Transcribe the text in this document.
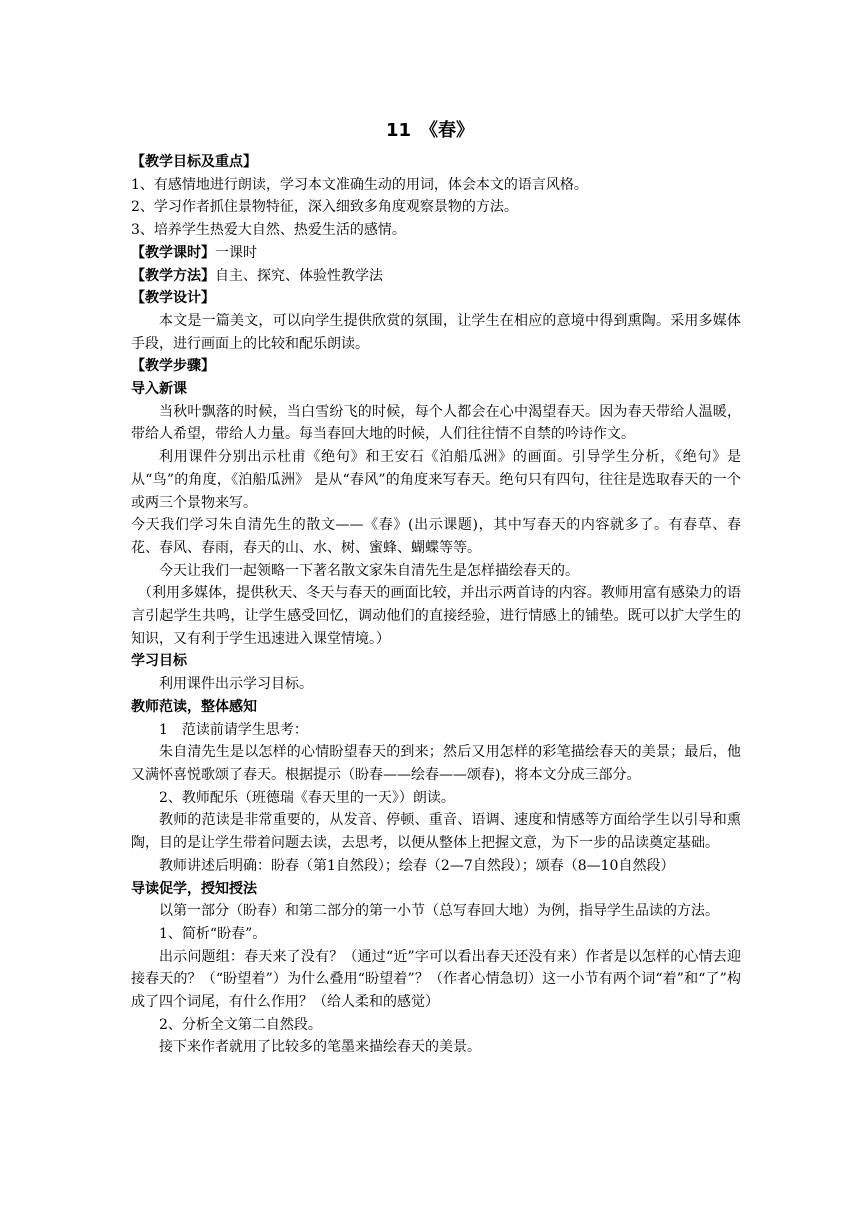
11　《春》

【教学目标及重点】

1、有感情地进行朗读，学习本文准确生动的用词，体会本文的语言风格。

2、学习作者抓住景物特征，深入细致多角度观察景物的方法。

3、培养学生热爱大自然、热爱生活的感情。

【教学课时】一课时

【教学方法】自主、探究、体验性教学法

【教学设计】

本文是一篇美文，可以向学生提供欣赏的氛围，让学生在相应的意境中得到熏陶。采用多媒体手段，进行画面上的比较和配乐朗读。

【教学步骤】

导入新课

当秋叶飘落的时候，当白雪纷飞的时候，每个人都会在心中渴望春天。因为春天带给人温暖，带给人希望，带给人力量。每当春回大地的时候，人们往往情不自禁的吟诗作文。

利用课件分别出示杜甫《绝句》和王安石《泊船瓜洲》的画面。引导学生分析，《绝句》是从“鸟”的角度，《泊船瓜洲》 是从“春风”的角度来写春天。绝句只有四句，往往是选取春天的一个或两三个景物来写。

今天我们学习朱自清先生的散文——《春》(出示课题)，其中写春天的内容就多了。有春草、春花、春风、春雨，春天的山、水、树、蜜蜂、蝴蝶等等。

今天让我们一起领略一下著名散文家朱自清先生是怎样描绘春天的。

（利用多媒体，提供秋天、冬天与春天的画面比较，并出示两首诗的内容。教师用富有感染力的语言引起学生共鸣，让学生感受回忆，调动他们的直接经验，进行情感上的铺垫。既可以扩大学生的知识，又有利于学生迅速进入课堂情境。）

学习目标

利用课件出示学习目标。

教师范读，整体感知

1　范读前请学生思考：

朱自清先生是以怎样的心情盼望春天的到来；然后又用怎样的彩笔描绘春天的美景；最后，他又满怀喜悦歌颂了春天。根据提示（盼春——绘春——颂春)，将本文分成三部分。

2、教师配乐（班德瑞《春天里的一天》）朗读。

教师的范读是非常重要的，从发音、停顿、重音、语调、速度和情感等方面给学生以引导和熏陶，目的是让学生带着问题去读，去思考，以便从整体上把握文意，为下一步的品读奠定基础。

教师讲述后明确：盼春（第1自然段）；绘春（2—7自然段）；颂春（8—10自然段）

导读促学，授知授法

以第一部分（盼春）和第二部分的第一小节（总写春回大地）为例，指导学生品读的方法。

1、简析“盼春”。

出示问题组：春天来了没有？（通过“近”字可以看出春天还没有来）作者是以怎样的心情去迎接春天的？（“盼望着”）为什么叠用“盼望着”？（作者心情急切）这一小节有两个词“着”和“了”构成了四个词尾，有什么作用？（给人柔和的感觉）

2、分析全文第二自然段。

接下来作者就用了比较多的笔墨来描绘春天的美景。
